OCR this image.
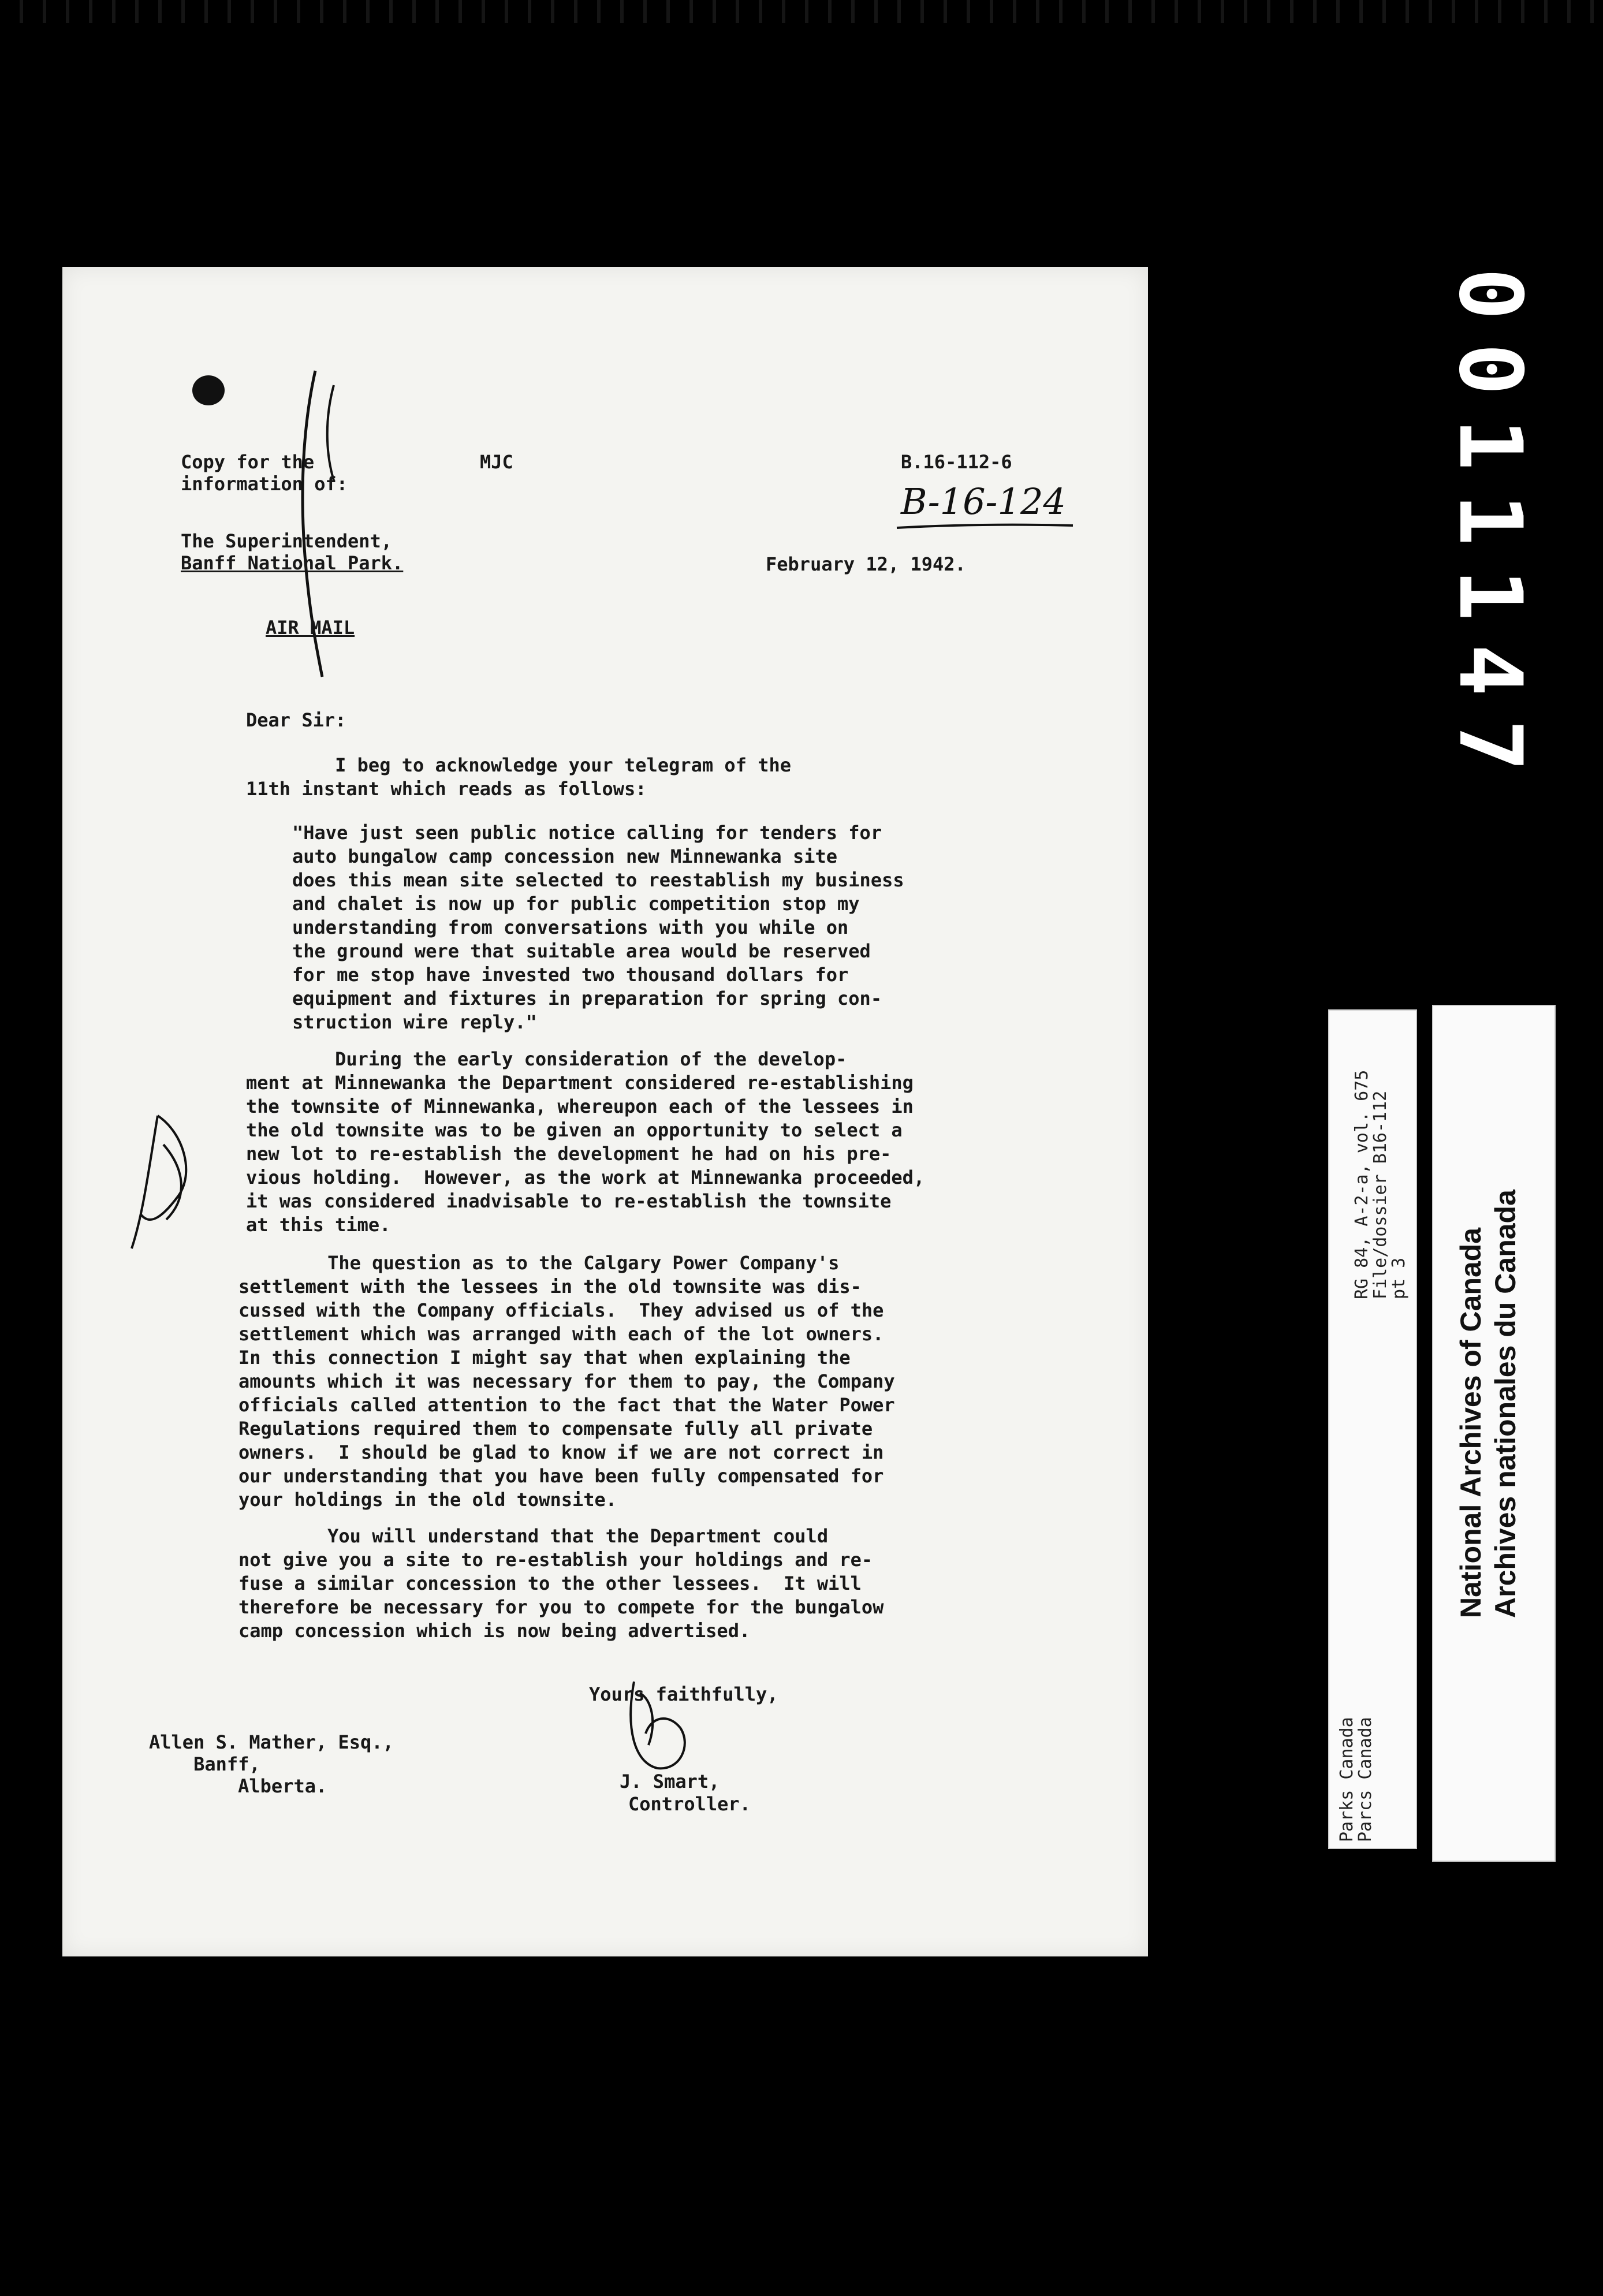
0011147
Copy for the
information of:
MJC	B.16-112-6
B-16-124
The Superintendent,
Banff National Park.	February 12, 1942.
AIR MAIL
Dear Sir:
I beg to acknowledge your telegram of the
11th instant which reads as follows:
"Have just seen public notice calling for tenders for
auto bungalow camp concession new Minnewanka site
does this mean site selected to reestablish my business
and chalet is now up for public competition stop my
understanding from conversations with you while on
the ground were that suitable area would be reserved
for me stop have invested two thousand dollars for
equipment and fixtures in preparation for spring con-
struction wire reply."
During the early consideration of the develop-
ment at Minnewanka the Department considered re-establishing
the townsite of Minnewanka, whereupon each of the lessees in
the old townsite was to be given an opportunity to select a
new lot to re-establish the development he had on his pre-
vious holding.  However, as the work at Minnewanka proceeded,
it was considered inadvisable to re-establish the townsite
at this time.
The question as to the Calgary Power Company's
settlement with the lessees in the old townsite was dis-
cussed with the Company officials.  They advised us of the
settlement which was arranged with each of the lot owners.
In this connection I might say that when explaining the
amounts which it was necessary for them to pay, the Company
officials called attention to the fact that the Water Power
Regulations required them to compensate fully all private
owners.  I should be glad to know if we are not correct in
our understanding that you have been fully compensated for
your holdings in the old townsite.
You will understand that the Department could
not give you a site to re-establish your holdings and re-
fuse a similar concession to the other lessees.  It will
therefore be necessary for you to compete for the bungalow
camp concession which is now being advertised.
Yours faithfully,
Allen S. Mather, Esq.,
Banff,
Alberta.	J. Smart,
Controller.	Parks Canada
Parcs Canada
RG 84, A-2-a, vol. 675
File/dossier B16-112
pt 3 National Archives of Canada Archives nationales du Canada
